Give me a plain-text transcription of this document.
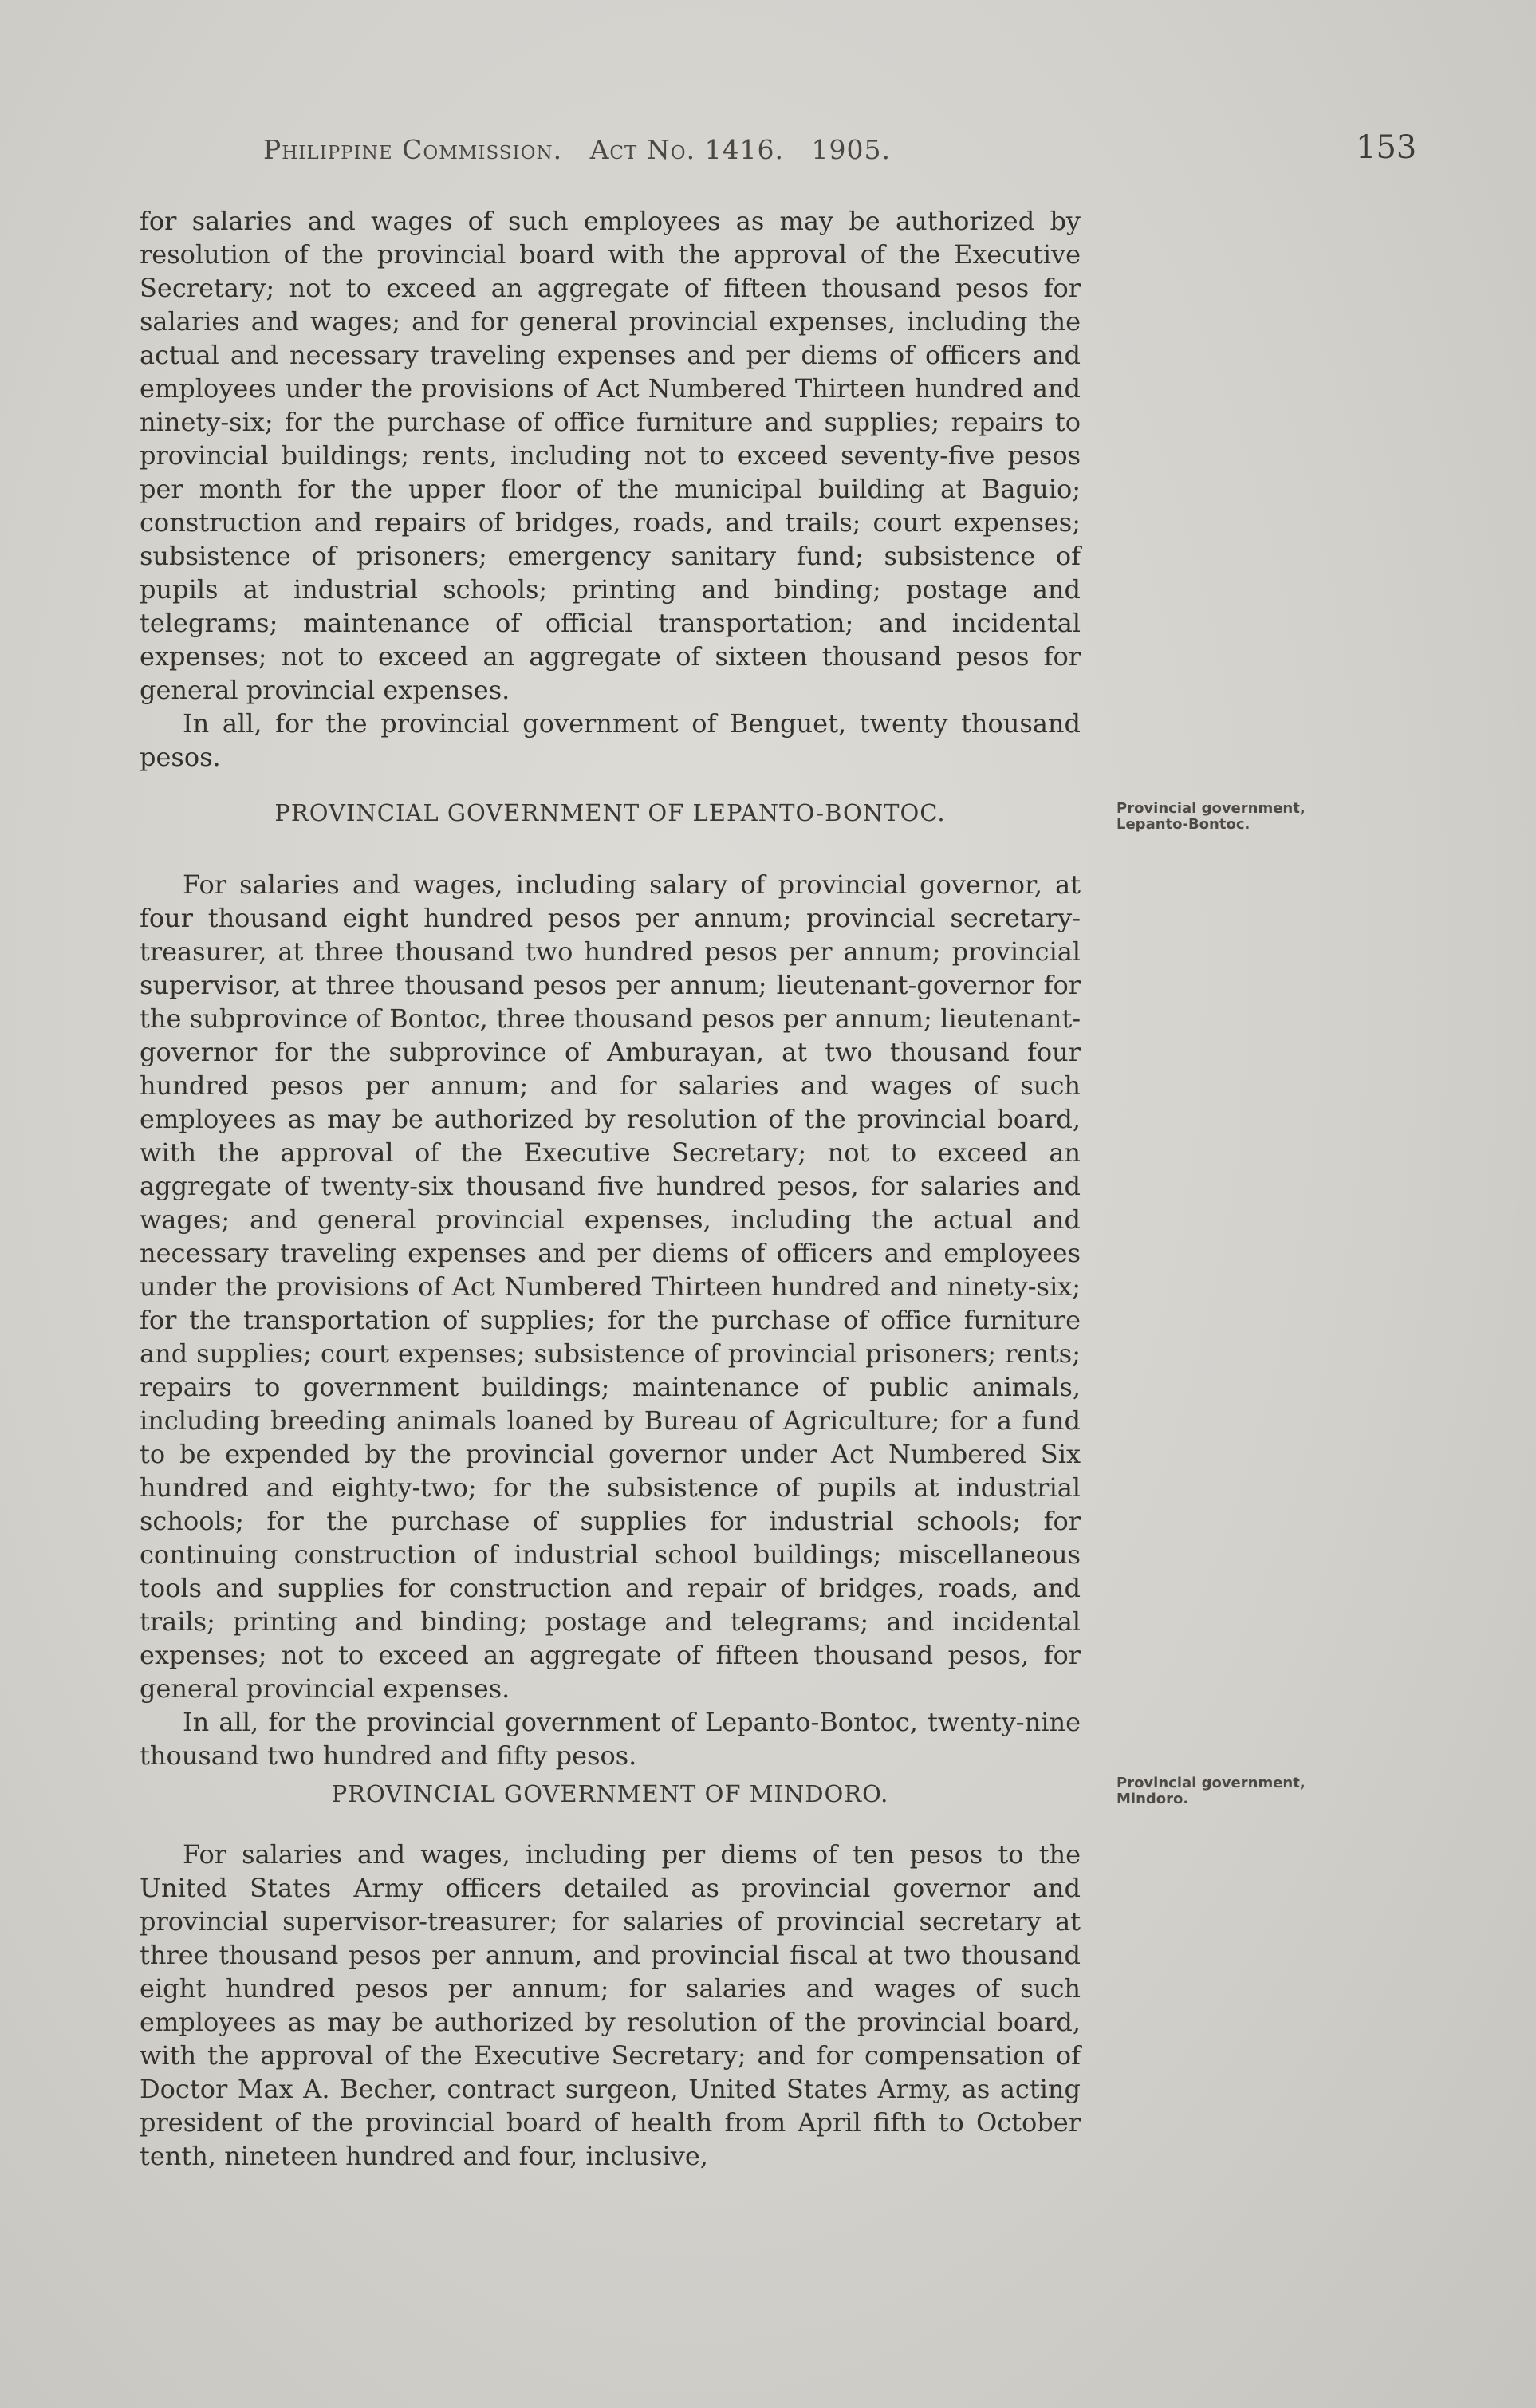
Philippine Commission. Act No. 1416. 1905.	153

for salaries and wages of such employees as may be authorized by resolution of the provincial board with the approval of the Executive Secretary; not to exceed an aggregate of fifteen thousand pesos for salaries and wages; and for general provincial expenses, including the actual and necessary traveling expenses and per diems of officers and employees under the provisions of Act Numbered Thirteen hundred and ninety-six; for the purchase of office furniture and supplies; repairs to provincial buildings; rents, including not to exceed seventy-five pesos per month for the upper floor of the municipal building at Baguio; construction and repairs of bridges, roads, and trails; court expenses; subsistence of prisoners; emergency sanitary fund; subsistence of pupils at industrial schools; printing and binding; postage and telegrams; maintenance of official transportation; and incidental expenses; not to exceed an aggregate of sixteen thousand pesos for general provincial expenses.

In all, for the provincial government of Benguet, twenty thousand pesos.

PROVINCIAL GOVERNMENT OF LEPANTO-BONTOC.	Provincial government, Lepanto-Bontoc.

For salaries and wages, including salary of provincial governor, at four thousand eight hundred pesos per annum; provincial secretary-treasurer, at three thousand two hundred pesos per annum; provincial supervisor, at three thousand pesos per annum; lieutenant-governor for the subprovince of Bontoc, three thousand pesos per annum; lieutenant-governor for the subprovince of Amburayan, at two thousand four hundred pesos per annum; and for salaries and wages of such employees as may be authorized by resolution of the provincial board, with the approval of the Executive Secretary; not to exceed an aggregate of twenty-six thousand five hundred pesos, for salaries and wages; and general provincial expenses, including the actual and necessary traveling expenses and per diems of officers and employees under the provisions of Act Numbered Thirteen hundred and ninety-six; for the transportation of supplies; for the purchase of office furniture and supplies; court expenses; subsistence of provincial prisoners; rents; repairs to government buildings; maintenance of public animals, including breeding animals loaned by Bureau of Agriculture; for a fund to be expended by the provincial governor under Act Numbered Six hundred and eighty-two; for the subsistence of pupils at industrial schools; for the purchase of supplies for industrial schools; for continuing construction of industrial school buildings; miscellaneous tools and supplies for construction and repair of bridges, roads, and trails; printing and binding; postage and telegrams; and incidental expenses; not to exceed an aggregate of fifteen thousand pesos, for general provincial expenses.

In all, for the provincial government of Lepanto-Bontoc, twenty-nine thousand two hundred and fifty pesos.

PROVINCIAL GOVERNMENT OF MINDORO.	Provincial government, Mindoro.

For salaries and wages, including per diems of ten pesos to the United States Army officers detailed as provincial governor and provincial supervisor-treasurer; for salaries of provincial secretary at three thousand pesos per annum, and provincial fiscal at two thousand eight hundred pesos per annum; for salaries and wages of such employees as may be authorized by resolution of the provincial board, with the approval of the Executive Secretary; and for compensation of Doctor Max A. Becher, contract surgeon, United States Army, as acting president of the provincial board of health from April fifth to October tenth, nineteen hundred and four, inclusive,
